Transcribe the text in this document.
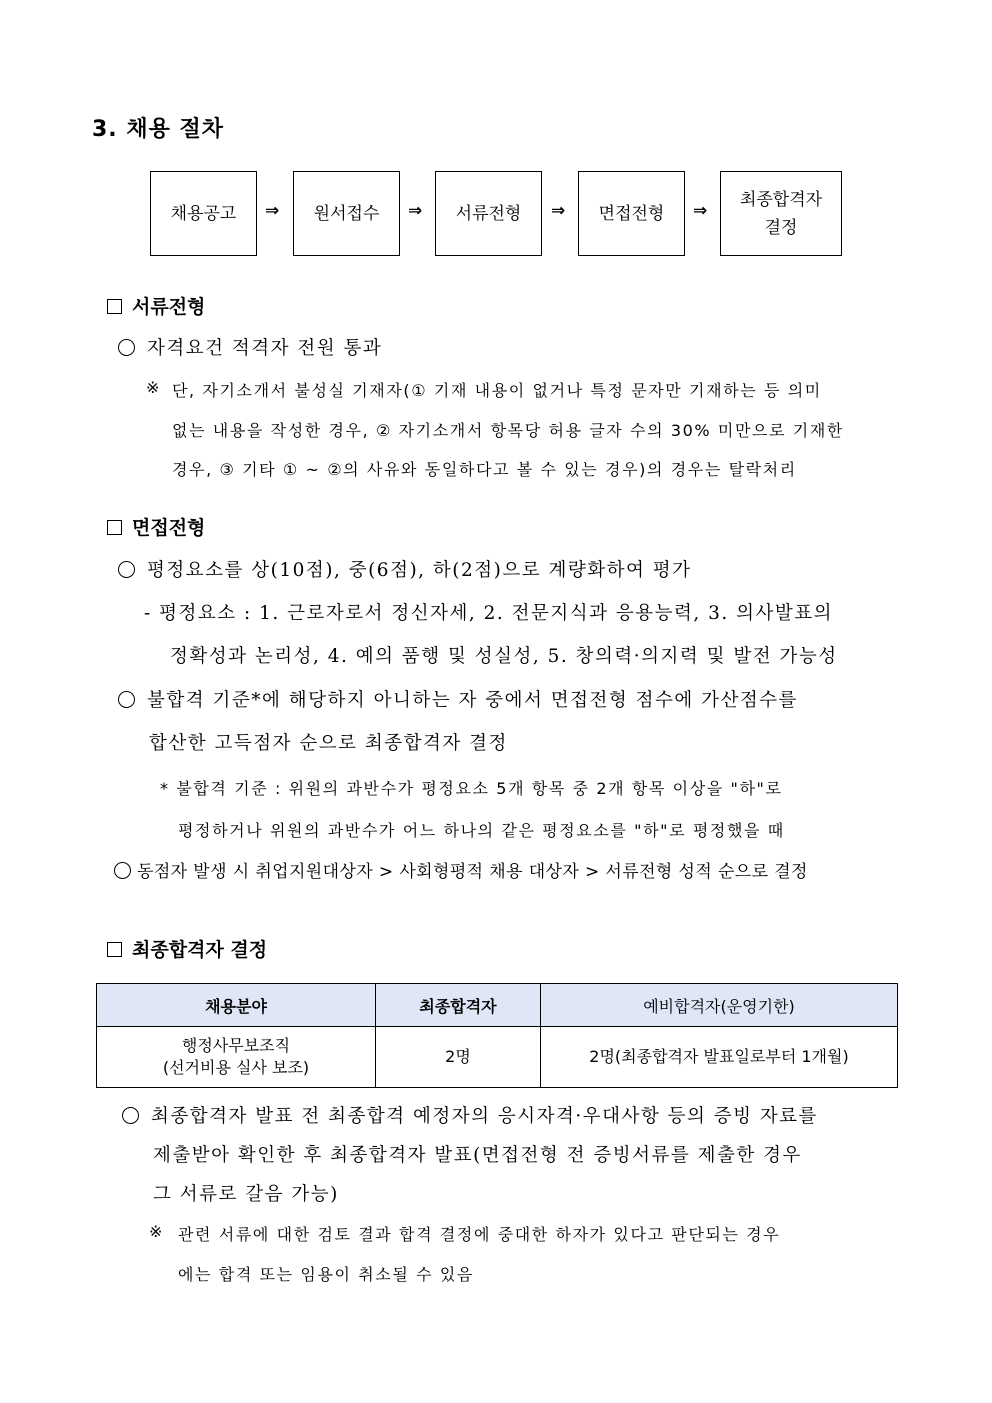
3. 채용 절차
채용공고 ⇒ 원서접수 ⇒ 서류전형 ⇒ 면접전형 ⇒
최종합격자
결정
서류전형
자격요건 적격자 전원 통과
※ 단, 자기소개서 불성실 기재자(① 기재 내용이 없거나 특정 문자만 기재하는 등 의미
없는 내용을 작성한 경우, ② 자기소개서 항목당 허용 글자 수의 30% 미만으로 기재한
경우, ③ 기타 ① ~ ②의 사유와 동일하다고 볼 수 있는 경우)의 경우는 탈락처리
면접전형
평정요소를 상(10점), 중(6점), 하(2점)으로 계량화하여 평가
- 평정요소 : 1. 근로자로서 정신자세, 2. 전문지식과 응용능력, 3. 의사발표의
정확성과 논리성, 4. 예의 품행 및 성실성, 5. 창의력·의지력 및 발전 가능성
불합격 기준*에 해당하지 아니하는 자 중에서 면접전형 점수에 가산점수를
합산한 고득점자 순으로 최종합격자 결정
* 불합격 기준 : 위원의 과반수가 평정요소 5개 항목 중 2개 항목 이상을 "하"로
평정하거나 위원의 과반수가 어느 하나의 같은 평정요소를 "하"로 평정했을 때
동점자 발생 시 취업지원대상자 > 사회형평적 채용 대상자 > 서류전형 성적 순으로 결정
최종합격자 결정
채용분야	최종합격자	예비합격자(운영기한)

행정사무보조직
(선거비용 실사 보조)	2명	2명(최종합격자 발표일로부터 1개월)
최종합격자 발표 전 최종합격 예정자의 응시자격·우대사항 등의 증빙 자료를
제출받아 확인한 후 최종합격자 발표(면접전형 전 증빙서류를 제출한 경우
그 서류로 갈음 가능)
※ 관련 서류에 대한 검토 결과 합격 결정에 중대한 하자가 있다고 판단되는 경우
에는 합격 또는 임용이 취소될 수 있음
